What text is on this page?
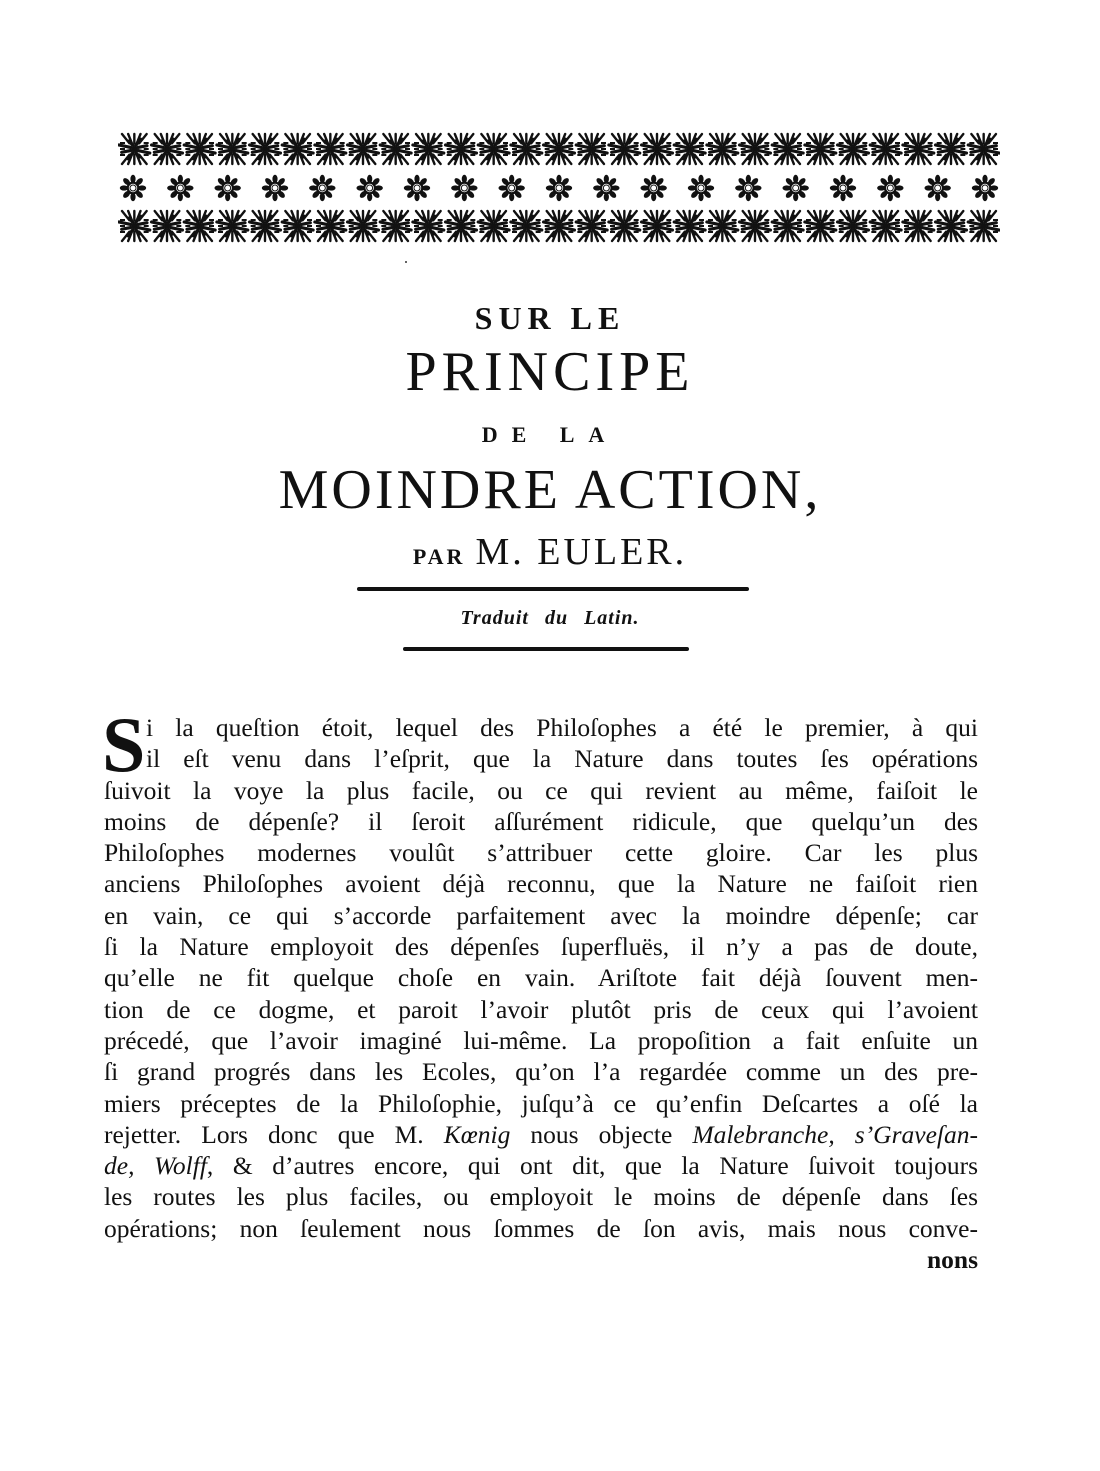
SUR LE
PRINCIPE
DE LA
MOINDRE ACTION,
PAR M. EULER.
Traduit du Latin.
S i la queſtion étoit, lequel des Philoſophes a été le premier, à qui
il eſt venu dans l’eſprit, que la Nature dans toutes ſes opérations
ſuivoit la voye la plus facile, ou ce qui revient au même, faiſoit le
moins de dépenſe? il ſeroit aſſurément ridicule, que quelqu’un des
Philoſophes modernes voulût s’attribuer cette gloire. Car les plus
anciens Philoſophes avoient déjà reconnu, que la Nature ne faiſoit rien
en vain, ce qui s’accorde parfaitement avec la moindre dépenſe; car
ſi la Nature employoit des dépenſes ſuperfluës, il n’y a pas de doute,
qu’elle ne fit quelque choſe en vain. Ariſtote fait déjà ſouvent men-
tion de ce dogme, et paroit l’avoir plutôt pris de ceux qui l’avoient
précedé, que l’avoir imaginé lui-même. La propoſition a fait enſuite un
ſi grand progrés dans les Ecoles, qu’on l’a regardée comme un des pre-
miers préceptes de la Philoſophie, juſqu’à ce qu’enfin Deſcartes a oſé la
rejetter. Lors donc que M. Kœnig nous objecte Malebranche, s’Graveſan-
de, Wolff, & d’autres encore, qui ont dit, que la Nature ſuivoit toujours
les routes les plus faciles, ou employoit le moins de dépenſe dans ſes
opérations; non ſeulement nous ſommes de ſon avis, mais nous conve-
nons
